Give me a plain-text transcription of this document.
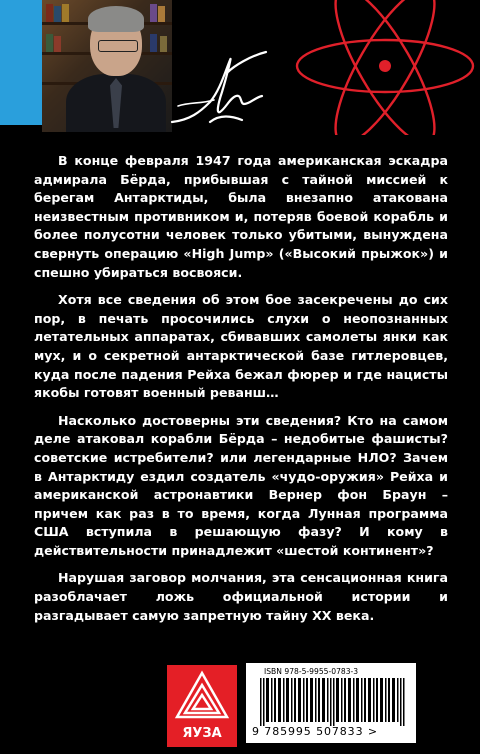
В конце февраля 1947 года американская эскадра адмирала Бёрда, прибывшая с тайной миссией к берегам Антарктиды, была внезапно атакована неизвестным противником и, потеряв боевой корабль и более полусотни человек только убитыми, вынуждена свернуть операцию «High Jump» («Высокий прыжок») и спешно убираться восвояси.

Хотя все сведения об этом бое засекречены до сих пор, в печать просочились слухи о неопознанных летательных аппаратах, сбивавших самолеты янки как мух, и о секретной антарктической базе гитлеровцев, куда после падения Рейха бежал фюрер и где нацисты якобы готовят военный реванш…

Насколько достоверны эти сведения? Кто на самом деле атаковал корабли Бёрда – недобитые фашисты? советские истребители? или легендарные НЛО? Зачем в Антарктиду ездил создатель «чудо-оружия» Рейха и американской астронавтики Вернер фон Браун – причем как раз в то время, когда Лунная программа США вступила в решающую фазу? И кому в действительности принадлежит «шестой континент»?

Нарушая заговор молчания, эта сенсационная книга разоблачает ложь официальной истории и разгадывает самую запретную тайну XX века.

ЯУЗА
ISBN 978-5-9955-0783-3
9 785995 507833 >
